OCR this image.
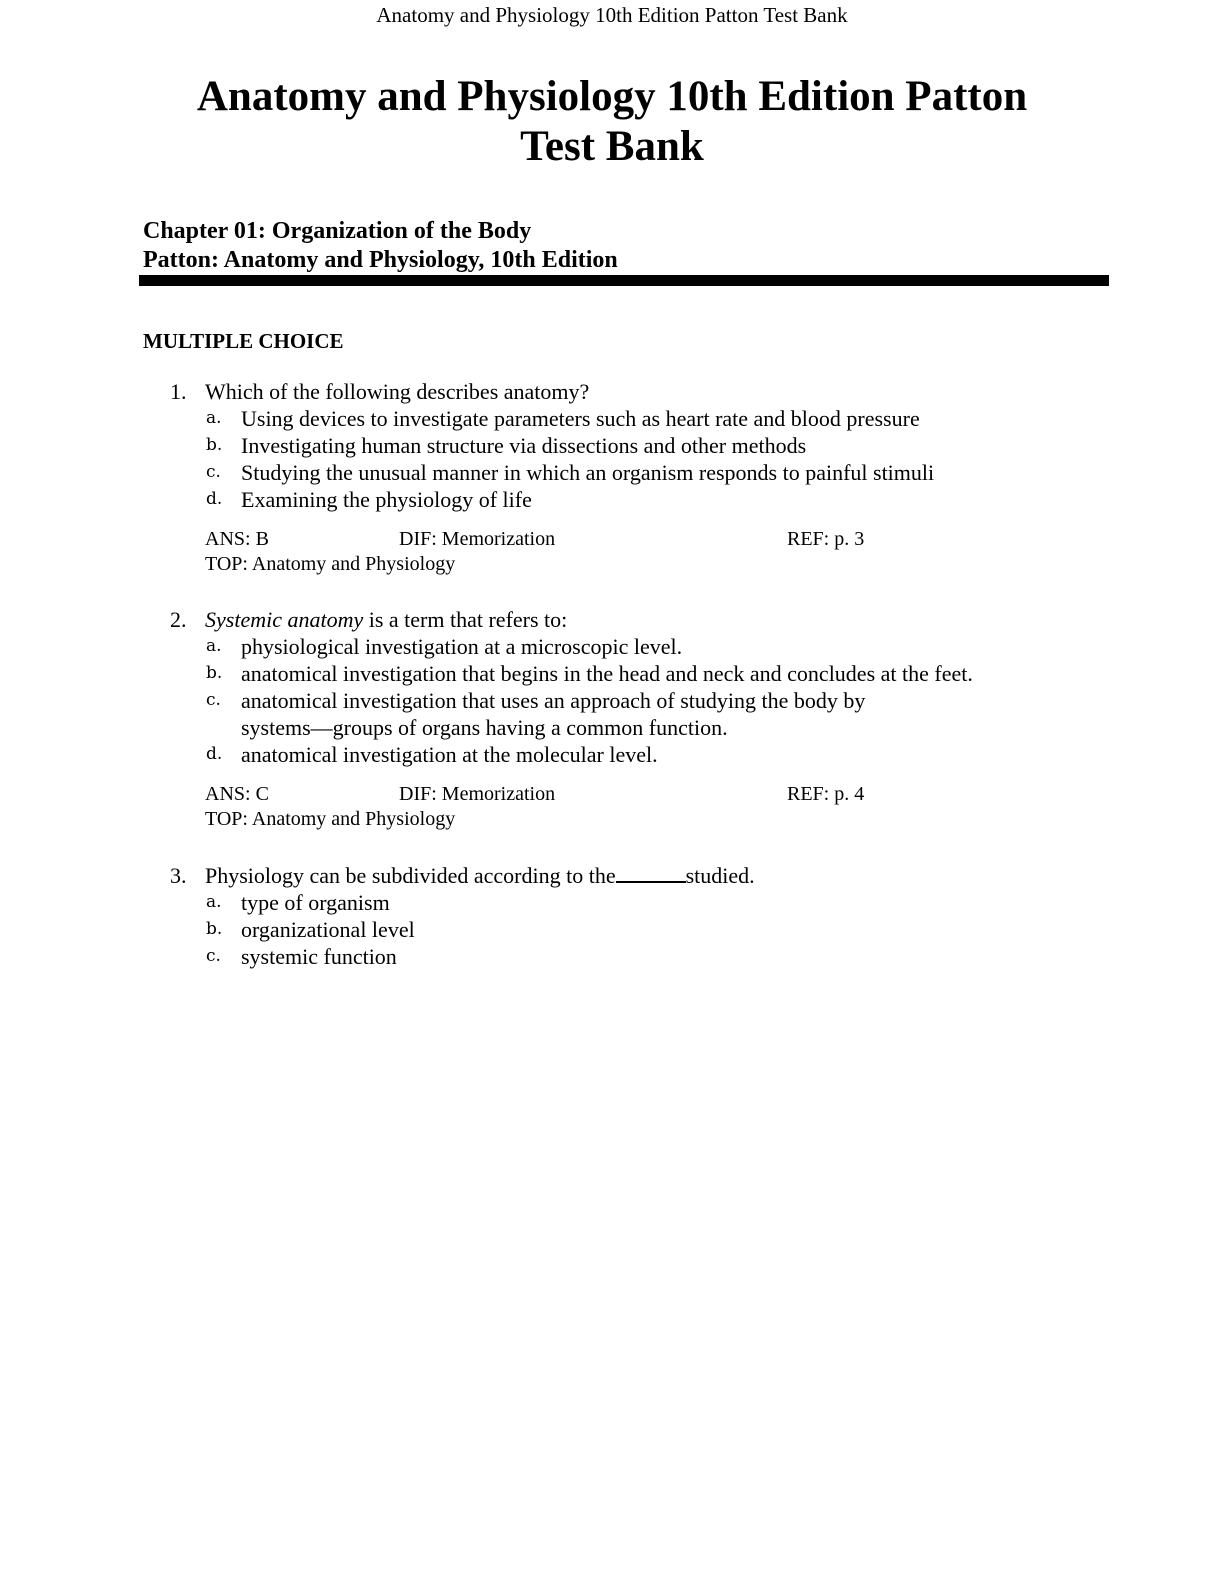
Anatomy and Physiology 10th Edition Patton Test Bank
Anatomy and Physiology 10th Edition Patton
Test Bank
Chapter 01: Organization of the Body
Patton: Anatomy and Physiology, 10th Edition
MULTIPLE CHOICE
1. Which of the following describes anatomy?
a. Using devices to investigate parameters such as heart rate and blood pressure
b. Investigating human structure via dissections and other methods
c. Studying the unusual manner in which an organism responds to painful stimuli
d. Examining the physiology of life
ANS: B	DIF: Memorization	REF: p. 3
TOP: Anatomy and Physiology
2. Systemic anatomy is a term that refers to:
a. physiological investigation at a microscopic level.
b. anatomical investigation that begins in the head and neck and concludes at the feet.
c. anatomical investigation that uses an approach of studying the body by systems—groups of organs having a common function.
d. anatomical investigation at the molecular level.
ANS: C	DIF: Memorization	REF: p. 4
TOP: Anatomy and Physiology
3. Physiology can be subdivided according to the	studied.
a. type of organism
b. organizational level
c. systemic function
